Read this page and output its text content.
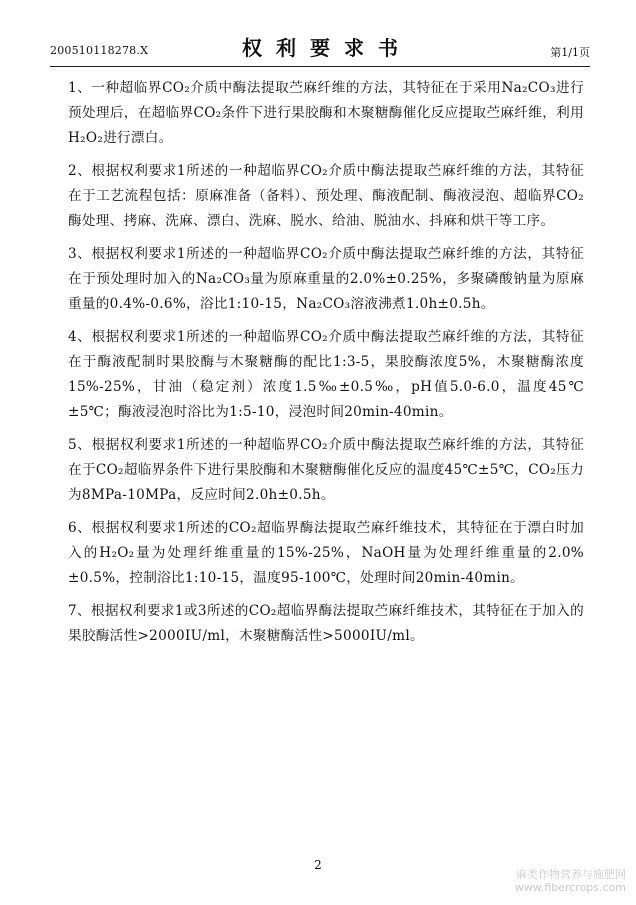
200510118278.X	权利要求书	第1/1页

1、一种超临界CO₂介质中酶法提取苎麻纤维的方法，其特征在于采用Na₂CO₃进行预处理后，在超临界CO₂条件下进行果胶酶和木聚糖酶催化反应提取苎麻纤维，利用H₂O₂进行漂白。

2、根据权利要求1所述的一种超临界CO₂介质中酶法提取苎麻纤维的方法，其特征在于工艺流程包括：原麻准备（备料）、预处理、酶液配制、酶液浸泡、超临界CO₂酶处理、拷麻、洗麻、漂白、洗麻、脱水、给油、脱油水、抖麻和烘干等工序。

3、根据权利要求1所述的一种超临界CO₂介质中酶法提取苎麻纤维的方法，其特征在于预处理时加入的Na₂CO₃量为原麻重量的2.0%±0.25%，多聚磷酸钠量为原麻重量的0.4%-0.6%，浴比1:10-15，Na₂CO₃溶液沸煮1.0h±0.5h。

4、根据权利要求1所述的一种超临界CO₂介质中酶法提取苎麻纤维的方法，其特征在于酶液配制时果胶酶与木聚糖酶的配比1:3-5，果胶酶浓度5%，木聚糖酶浓度15%-25%，甘油（稳定剂）浓度1.5‰±0.5‰，pH值5.0-6.0，温度45℃±5℃；酶液浸泡时浴比为1:5-10，浸泡时间20min-40min。

5、根据权利要求1所述的一种超临界CO₂介质中酶法提取苎麻纤维的方法，其特征在于CO₂超临界条件下进行果胶酶和木聚糖酶催化反应的温度45℃±5℃，CO₂压力为8MPa-10MPa，反应时间2.0h±0.5h。

6、根据权利要求1所述的CO₂超临界酶法提取苎麻纤维技术，其特征在于漂白时加入的H₂O₂量为处理纤维重量的15%-25%，NaOH量为处理纤维重量的2.0%±0.5%，控制浴比1:10-15，温度95-100℃，处理时间20min-40min。

7、根据权利要求1或3所述的CO₂超临界酶法提取苎麻纤维技术，其特征在于加入的果胶酶活性>2000IU/ml，木聚糖酶活性>5000IU/ml。

2
麻类作物营养与施肥网
www.fibercrops.com
